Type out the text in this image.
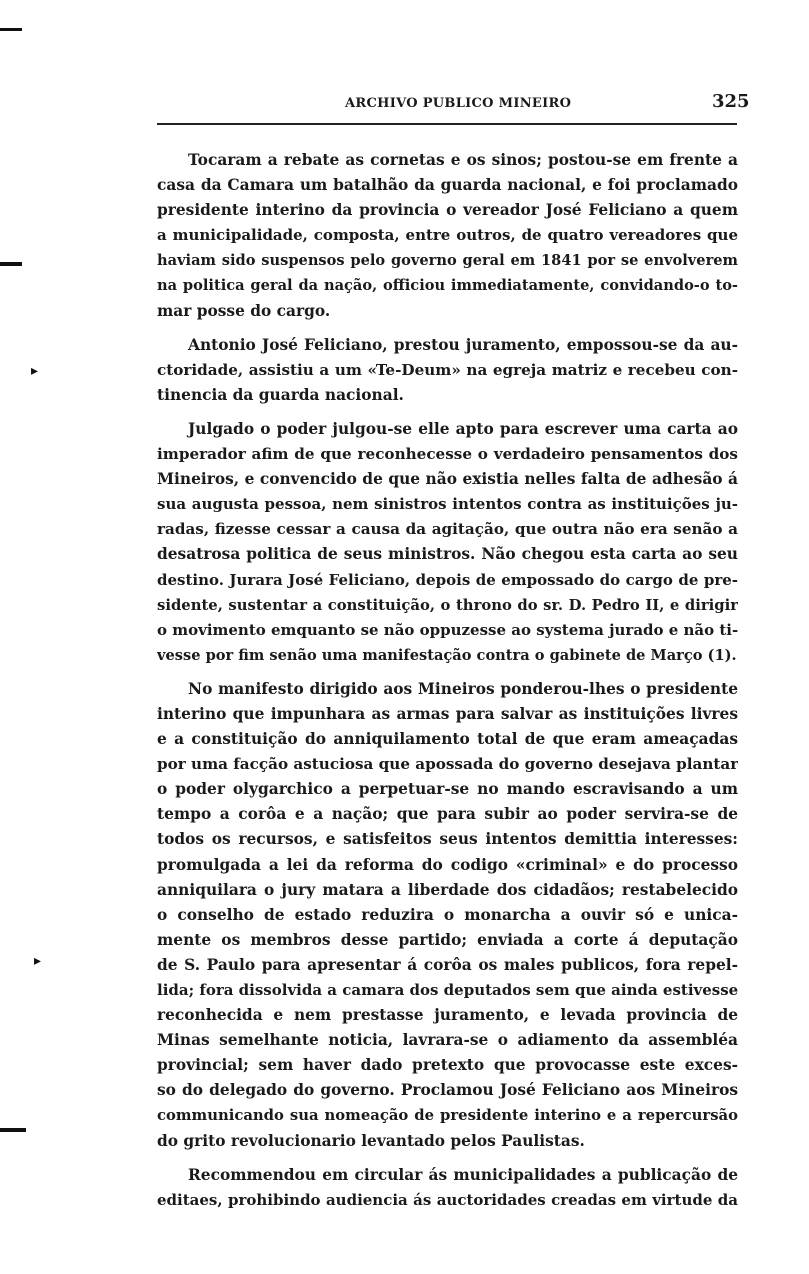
▸
▸
ARCHIVO PUBLICO MINEIRO	325
Tocaram a rebate as cornetas e os sinos; postou-se em frente a
casa da Camara um batalhão da guarda nacional, e foi proclamado
presidente interino da provincia o vereador José Feliciano a quem
a municipalidade, composta, entre outros, de quatro vereadores que
haviam sido suspensos pelo governo geral em 1841 por se envolverem
na politica geral da nação, officiou immediatamente, convidando-o to-
mar posse do cargo.
Antonio José Feliciano, prestou juramento, empossou-se da au-
ctoridade, assistiu a um «Te-Deum» na egreja matriz e recebeu con-
tinencia da guarda nacional.
Julgado o poder julgou-se elle apto para escrever uma carta ao
imperador afim de que reconhecesse o verdadeiro pensamentos dos
Mineiros, e convencido de que não existia nelles falta de adhesão á
sua augusta pessoa, nem sinistros intentos contra as instituições ju-
radas, fizesse cessar a causa da agitação, que outra não era senão a
desatrosa politica de seus ministros. Não chegou esta carta ao seu
destino. Jurara José Feliciano, depois de empossado do cargo de pre-
sidente, sustentar a constituição, o throno do sr. D. Pedro II, e dirigir
o movimento emquanto se não oppuzesse ao systema jurado e não ti-
vesse por fim senão uma manifestação contra o gabinete de Março (1).
No manifesto dirigido aos Mineiros ponderou-lhes o presidente
interino que impunhara as armas para salvar as instituições livres
e a constituição do anniquilamento total de que eram ameaçadas
por uma facção astuciosa que apossada do governo desejava plantar
o poder olygarchico a perpetuar-se no mando escravisando a um
tempo a corôa e a nação; que para subir ao poder servira-se de
todos os recursos, e satisfeitos seus intentos demittia interesses:
promulgada a lei da reforma do codigo «criminal» e do processo
anniquilara o jury matara a liberdade dos cidadãos; restabelecido
o conselho de estado reduzira o monarcha a ouvir só e unica-
mente os membros desse partido; enviada a corte á deputação
de S. Paulo para apresentar á corôa os males publicos, fora repel-
lida; fora dissolvida a camara dos deputados sem que ainda estivesse
reconhecida e nem prestasse juramento, e levada provincia de
Minas semelhante noticia, lavrara-se o adiamento da assembléa
provincial; sem haver dado pretexto que provocasse este exces-
so do delegado do governo. Proclamou José Feliciano aos Mineiros
communicando sua nomeação de presidente interino e a repercursão
do grito revolucionario levantado pelos Paulistas.
Recommendou em circular ás municipalidades a publicação de
editaes, prohibindo audiencia ás auctoridades creadas em virtude da
